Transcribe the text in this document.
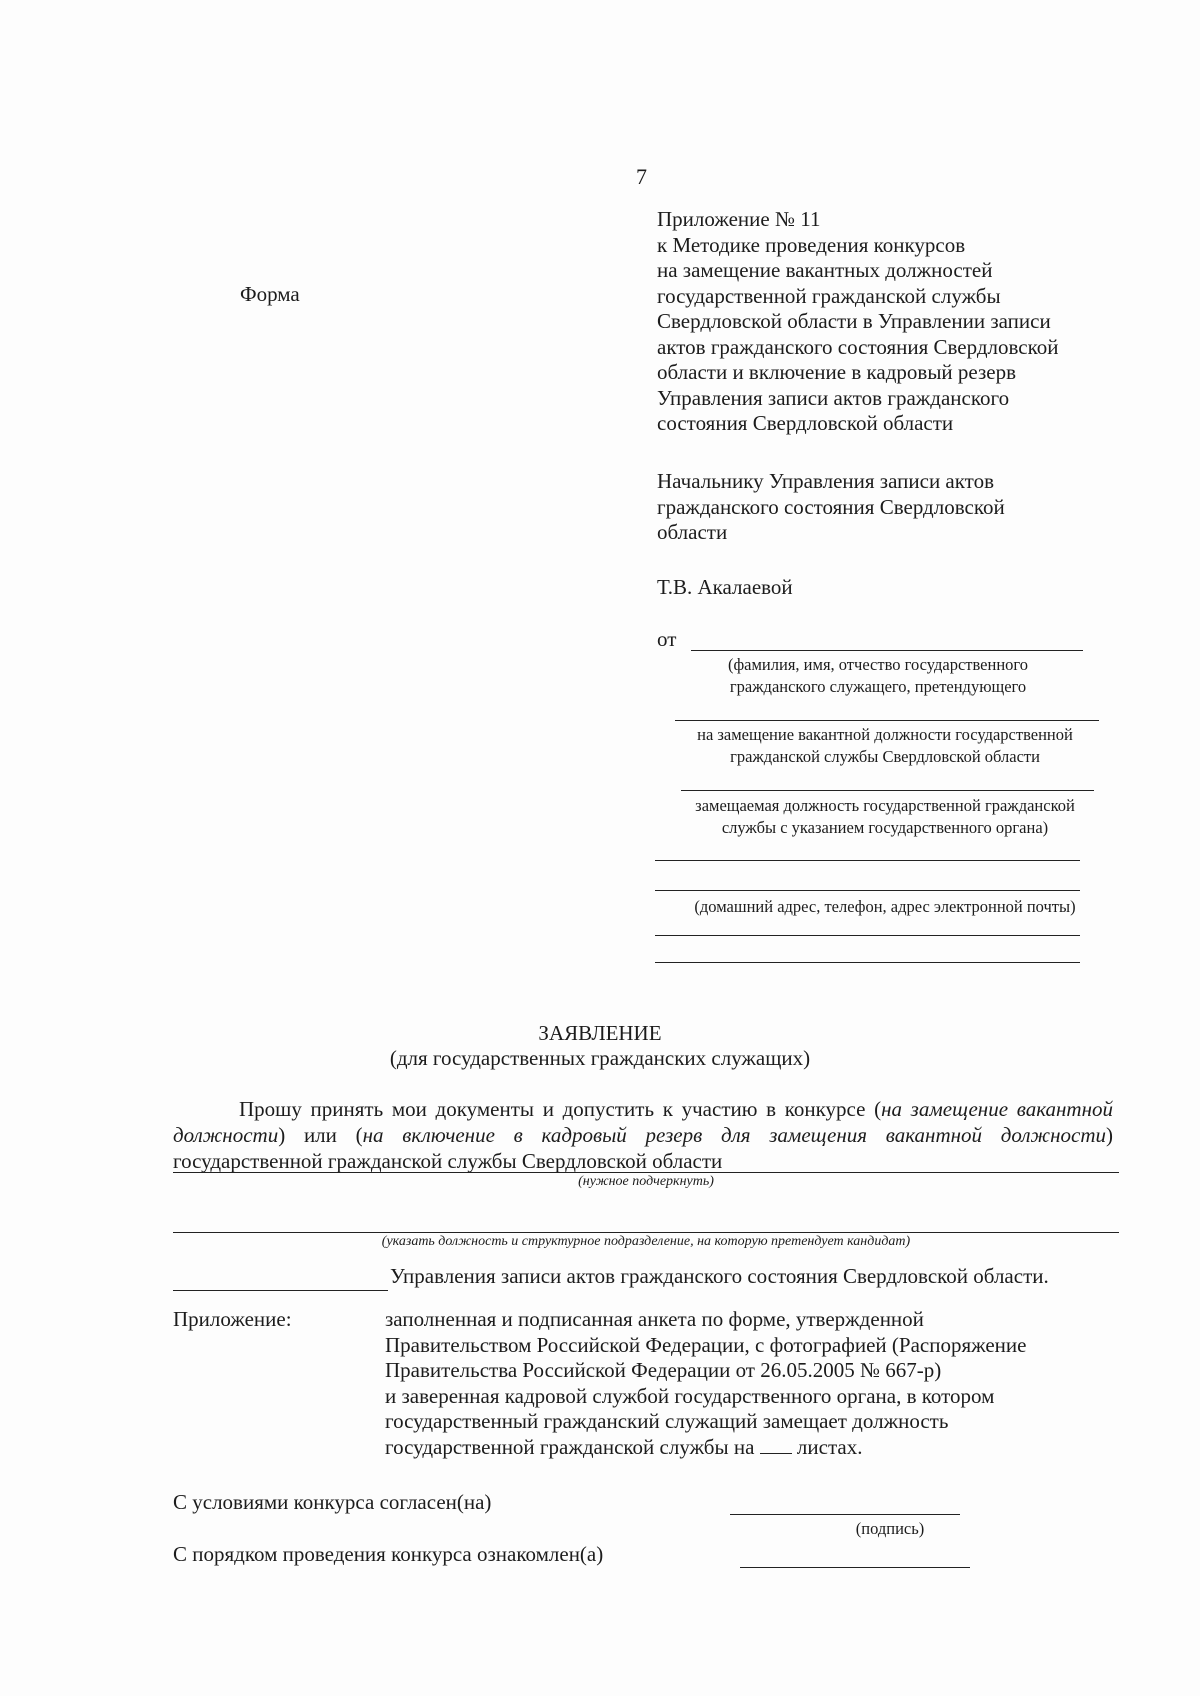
7
Форма
Приложение № 11
к Методике проведения конкурсов
на замещение вакантных должностей
государственной гражданской службы
Свердловской области в Управлении записи
актов гражданского состояния Свердловской
области и включение в кадровый резерв
Управления записи актов гражданского
состояния Свердловской области
Начальнику Управления записи актов
гражданского состояния Свердловской
области
Т.В. Акалаевой
от
(фамилия, имя, отчество государственного
гражданского служащего, претендующего
на замещение вакантной должности государственной
гражданской службы Свердловской области
замещаемая должность государственной гражданской
службы с указанием государственного органа)
(домашний адрес, телефон, адрес электронной почты)
ЗАЯВЛЕНИЕ
(для государственных гражданских служащих)
Прошу принять мои документы и допустить к участию в конкурсе (на замещение вакантной должности) или (на включение в кадровый резерв для замещения вакантной должности) государственной гражданской службы Свердловской области
(нужное подчеркнуть)
(указать должность и структурное подразделение, на которую претендует кандидат)
Управления записи актов гражданского состояния Свердловской области.
Приложение:	заполненная и подписанная анкета по форме, утвержденной
Правительством Российской Федерации, с фотографией (Распоряжение
Правительства Российской Федерации от 26.05.2005 № 667-р)
и заверенная кадровой службой государственного органа, в котором
государственный гражданский служащий замещает должность
государственной гражданской службы на листах.
С условиями конкурса согласен(на)
(подпись)
С порядком проведения конкурса ознакомлен(а)
